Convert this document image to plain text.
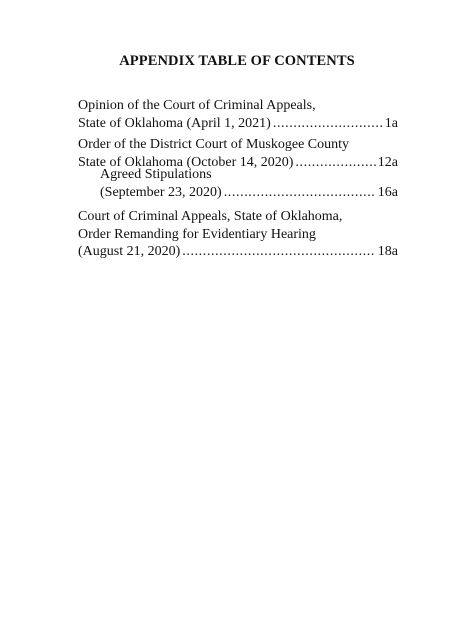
APPENDIX TABLE OF CONTENTS
Opinion of the Court of Criminal Appeals,
State of Oklahoma (April 1, 2021) .....	1a
Order of the District Court of Muskogee County
State of Oklahoma (October 14, 2020) .....	12a
Agreed Stipulations
(September 23, 2020) .....	16a
Court of Criminal Appeals, State of Oklahoma,
Order Remanding for Evidentiary Hearing
(August 21, 2020) .....	18a
